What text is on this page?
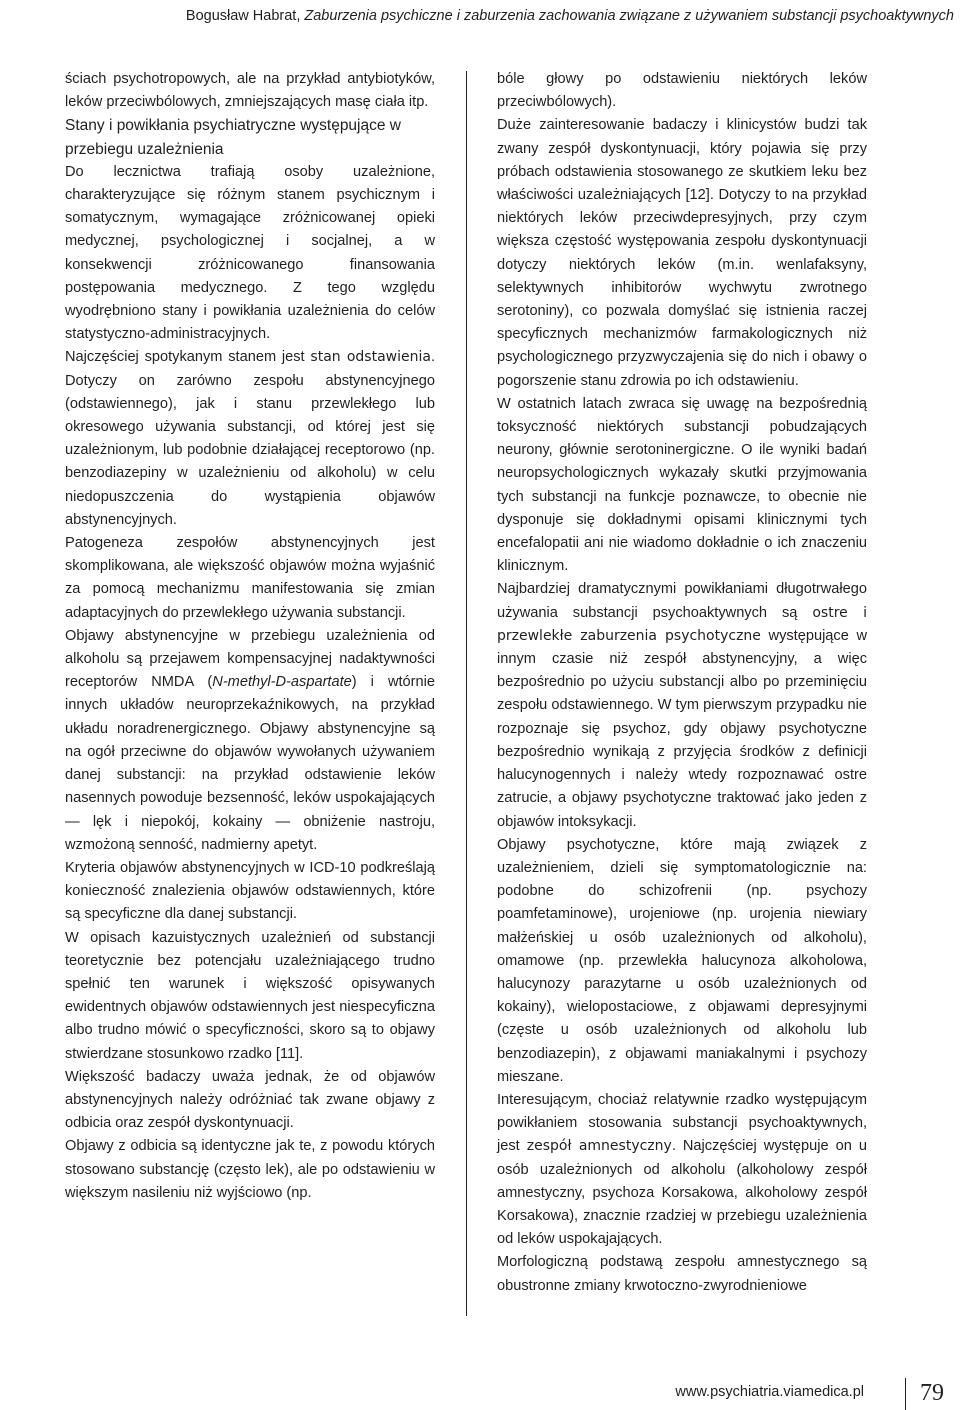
Bogusław Habrat, Zaburzenia psychiczne i zaburzenia zachowania związane z używaniem substancji psychoaktywnych

ściach psychotropowych, ale na przykład antybiotyków, leków przeciwbólowych, zmniejszających masę ciała itp.

Stany i powikłania psychiatryczne występujące w przebiegu uzależnienia

Do lecznictwa trafiają osoby uzależnione, charakteryzujące się różnym stanem psychicznym i somatycznym, wymagające zróżnicowanej opieki medycznej, psychologicznej i socjalnej, a w konsekwencji zróżnicowanego finansowania postępowania medycznego. Z tego względu wyodrębniono stany i powikłania uzależnienia do celów statystyczno-administracyjnych.

Najczęściej spotykanym stanem jest stan odstawienia. Dotyczy on zarówno zespołu abstynencyjnego (odstawiennego), jak i stanu przewlekłego lub okresowego używania substancji, od której jest się uzależnionym, lub podobnie działającej receptorowo (np. benzodiazepiny w uzależnieniu od alkoholu) w celu niedopuszczenia do wystąpienia objawów abstynencyjnych.

Patogeneza zespołów abstynencyjnych jest skomplikowana, ale większość objawów można wyjaśnić za pomocą mechanizmu manifestowania się zmian adaptacyjnych do przewlekłego używania substancji.

Objawy abstynencyjne w przebiegu uzależnienia od alkoholu są przejawem kompensacyjnej nadaktywności receptorów NMDA (N-methyl-D-aspartate) i wtórnie innych układów neuroprzekaźnikowych, na przykład układu noradrenergicznego. Objawy abstynencyjne są na ogół przeciwne do objawów wywołanych używaniem danej substancji: na przykład odstawienie leków nasennych powoduje bezsenność, leków uspokajających — lęk i niepokój, kokainy — obniżenie nastroju, wzmożoną senność, nadmierny apetyt.

Kryteria objawów abstynencyjnych w ICD-10 podkreślają konieczność znalezienia objawów odstawiennych, które są specyficzne dla danej substancji.

W opisach kazuistycznych uzależnień od substancji teoretycznie bez potencjału uzależniającego trudno spełnić ten warunek i większość opisywanych ewidentnych objawów odstawiennych jest niespecyficzna albo trudno mówić o specyficzności, skoro są to objawy stwierdzane stosunkowo rzadko [11].

Większość badaczy uważa jednak, że od objawów abstynencyjnych należy odróżniać tak zwane objawy z odbicia oraz zespół dyskontynuacji.

Objawy z odbicia są identyczne jak te, z powodu których stosowano substancję (często lek), ale po odstawieniu w większym nasileniu niż wyjściowo (np.

bóle głowy po odstawieniu niektórych leków przeciwbólowych).

Duże zainteresowanie badaczy i klinicystów budzi tak zwany zespół dyskontynuacji, który pojawia się przy próbach odstawienia stosowanego ze skutkiem leku bez właściwości uzależniających [12]. Dotyczy to na przykład niektórych leków przeciwdepresyjnych, przy czym większa częstość występowania zespołu dyskontynuacji dotyczy niektórych leków (m.in. wenlafaksyny, selektywnych inhibitorów wychwytu zwrotnego serotoniny), co pozwala domyślać się istnienia raczej specyficznych mechanizmów farmakologicznych niż psychologicznego przyzwyczajenia się do nich i obawy o pogorszenie stanu zdrowia po ich odstawieniu.

W ostatnich latach zwraca się uwagę na bezpośrednią toksyczność niektórych substancji pobudzających neurony, głównie serotoninergiczne. O ile wyniki badań neuropsychologicznych wykazały skutki przyjmowania tych substancji na funkcje poznawcze, to obecnie nie dysponuje się dokładnymi opisami klinicznymi tych encefalopatii ani nie wiadomo dokładnie o ich znaczeniu klinicznym.

Najbardziej dramatycznymi powikłaniami długotrwałego używania substancji psychoaktywnych są ostre i przewlekłe zaburzenia psychotyczne występujące w innym czasie niż zespół abstynencyjny, a więc bezpośrednio po użyciu substancji albo po przeminięciu zespołu odstawiennego. W tym pierwszym przypadku nie rozpoznaje się psychoz, gdy objawy psychotyczne bezpośrednio wynikają z przyjęcia środków z definicji halucynogennych i należy wtedy rozpoznawać ostre zatrucie, a objawy psychotyczne traktować jako jeden z objawów intoksykacji.

Objawy psychotyczne, które mają związek z uzależnieniem, dzieli się symptomatologicznie na: podobne do schizofrenii (np. psychozy poamfetaminowe), urojeniowe (np. urojenia niewiary małżeńskiej u osób uzależnionych od alkoholu), omamowe (np. przewlekła halucynoza alkoholowa, halucynozy parazytarne u osób uzależnionych od kokainy), wielopostaciowe, z objawami depresyjnymi (częste u osób uzależnionych od alkoholu lub benzodiazepin), z objawami maniakalnymi i psychozy mieszane.

Interesującym, chociaż relatywnie rzadko występującym powikłaniem stosowania substancji psychoaktywnych, jest zespół amnestyczny. Najczęściej występuje on u osób uzależnionych od alkoholu (alkoholowy zespół amnestyczny, psychoza Korsakowa, alkoholowy zespół Korsakowa), znacznie rzadziej w przebiegu uzależnienia od leków uspokajających.

Morfologiczną podstawą zespołu amnestycznego są obustronne zmiany krwotoczno-zwyrodnieniowe

www.psychiatria.viamedica.pl 79
